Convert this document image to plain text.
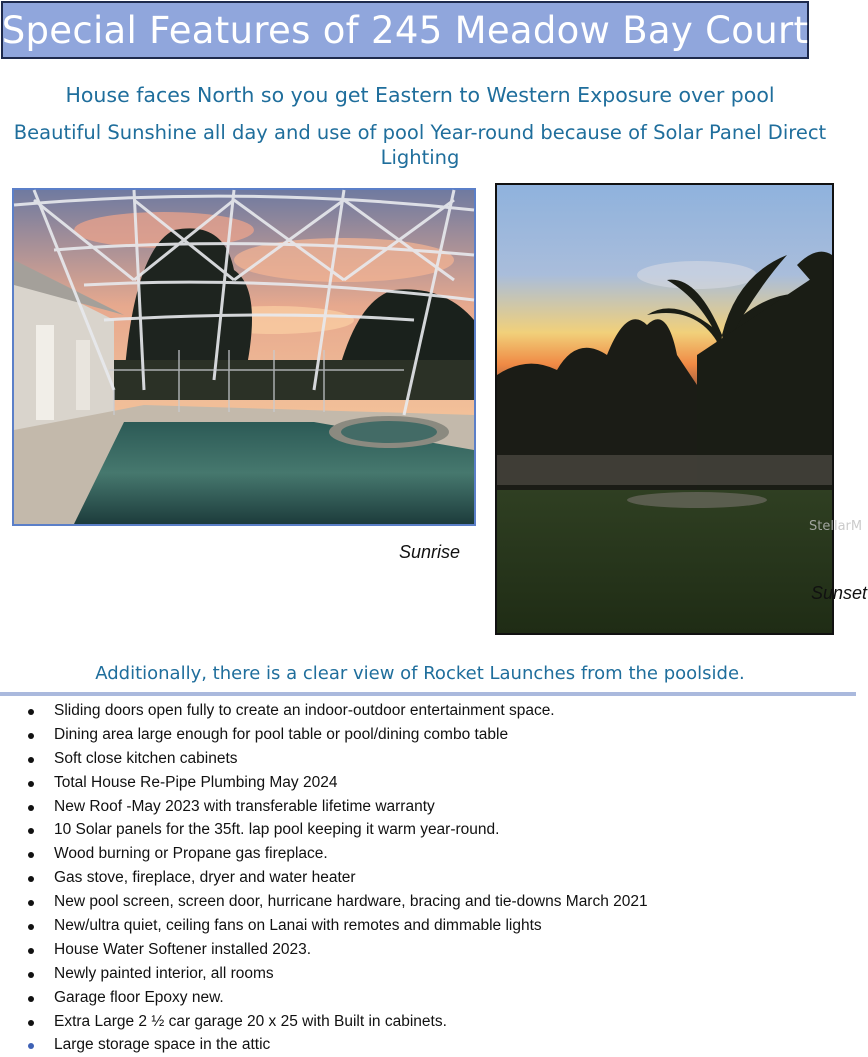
Special Features of 245 Meadow Bay Court
House faces North so you get Eastern to Western Exposure over pool
Beautiful Sunshine all day and use of pool Year-round because of Solar Panel Direct Lighting
StellarM
Sunrise
Sunset
Additionally, there is a clear view of Rocket Launches from the poolside.
Sliding doors open fully to create an indoor-outdoor entertainment space.
Dining area large enough for pool table or pool/dining combo table
Soft close kitchen cabinets
Total House Re-Pipe Plumbing May 2024
New Roof -May 2023 with transferable lifetime warranty
10 Solar panels for the 35ft. lap pool keeping it warm year-round.
Wood burning or Propane gas fireplace.
Gas stove, fireplace, dryer and water heater
New pool screen, screen door, hurricane hardware, bracing and tie-downs March 2021
New/ultra quiet, ceiling fans on Lanai with remotes and dimmable lights
House Water Softener installed 2023.
Newly painted interior, all rooms
Garage floor Epoxy new.
Extra Large 2 ½ car garage 20 x 25 with Built in cabinets.
Large storage space in the attic
